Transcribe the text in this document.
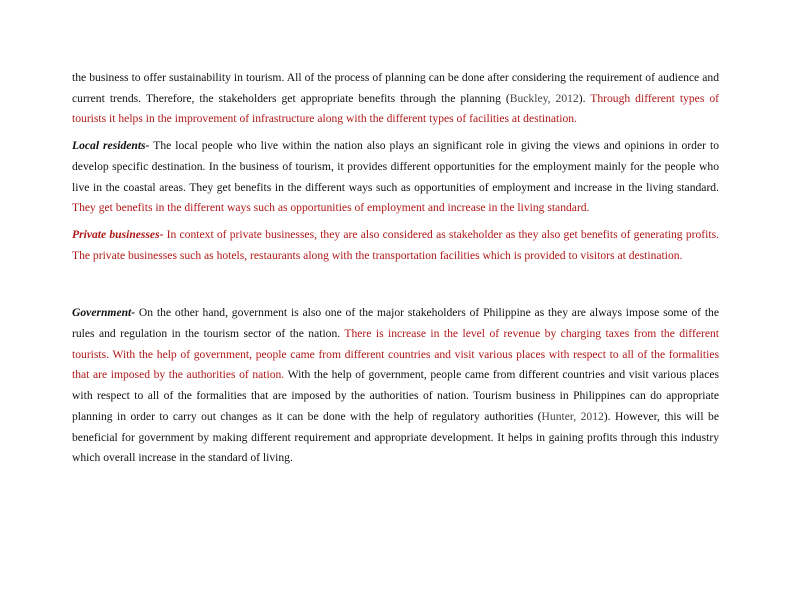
the business to offer sustainability in tourism. All of the process of planning can be done after considering the requirement of audience and current trends. Therefore, the stakeholders get appropriate benefits through the planning (Buckley, 2012). Through different types of tourists it helps in the improvement of infrastructure along with the different types of facilities at destination.

Local residents- The local people who live within the nation also plays an significant role in giving the views and opinions in order to develop specific destination. In the business of tourism, it provides different opportunities for the employment mainly for the people who live in the coastal areas. They get benefits in the different ways such as opportunities of employment and increase in the living standard. They get benefits in the different ways such as opportunities of employment and increase in the living standard.

Private businesses- In context of private businesses, they are also considered as stakeholder as they also get benefits of generating profits. The private businesses such as hotels, restaurants along with the transportation facilities which is provided to visitors at destination.

Government- On the other hand, government is also one of the major stakeholders of Philippine as they are always impose some of the rules and regulation in the tourism sector of the nation. There is increase in the level of revenue by charging taxes from the different tourists. With the help of government, people came from different countries and visit various places with respect to all of the formalities that are imposed by the authorities of nation. With the help of government, people came from different countries and visit various places with respect to all of the formalities that are imposed by the authorities of nation. Tourism business in Philippines can do appropriate planning in order to carry out changes as it can be done with the help of regulatory authorities (Hunter, 2012). However, this will be beneficial for government by making different requirement and appropriate development. It helps in gaining profits through this industry which overall increase in the standard of living.
